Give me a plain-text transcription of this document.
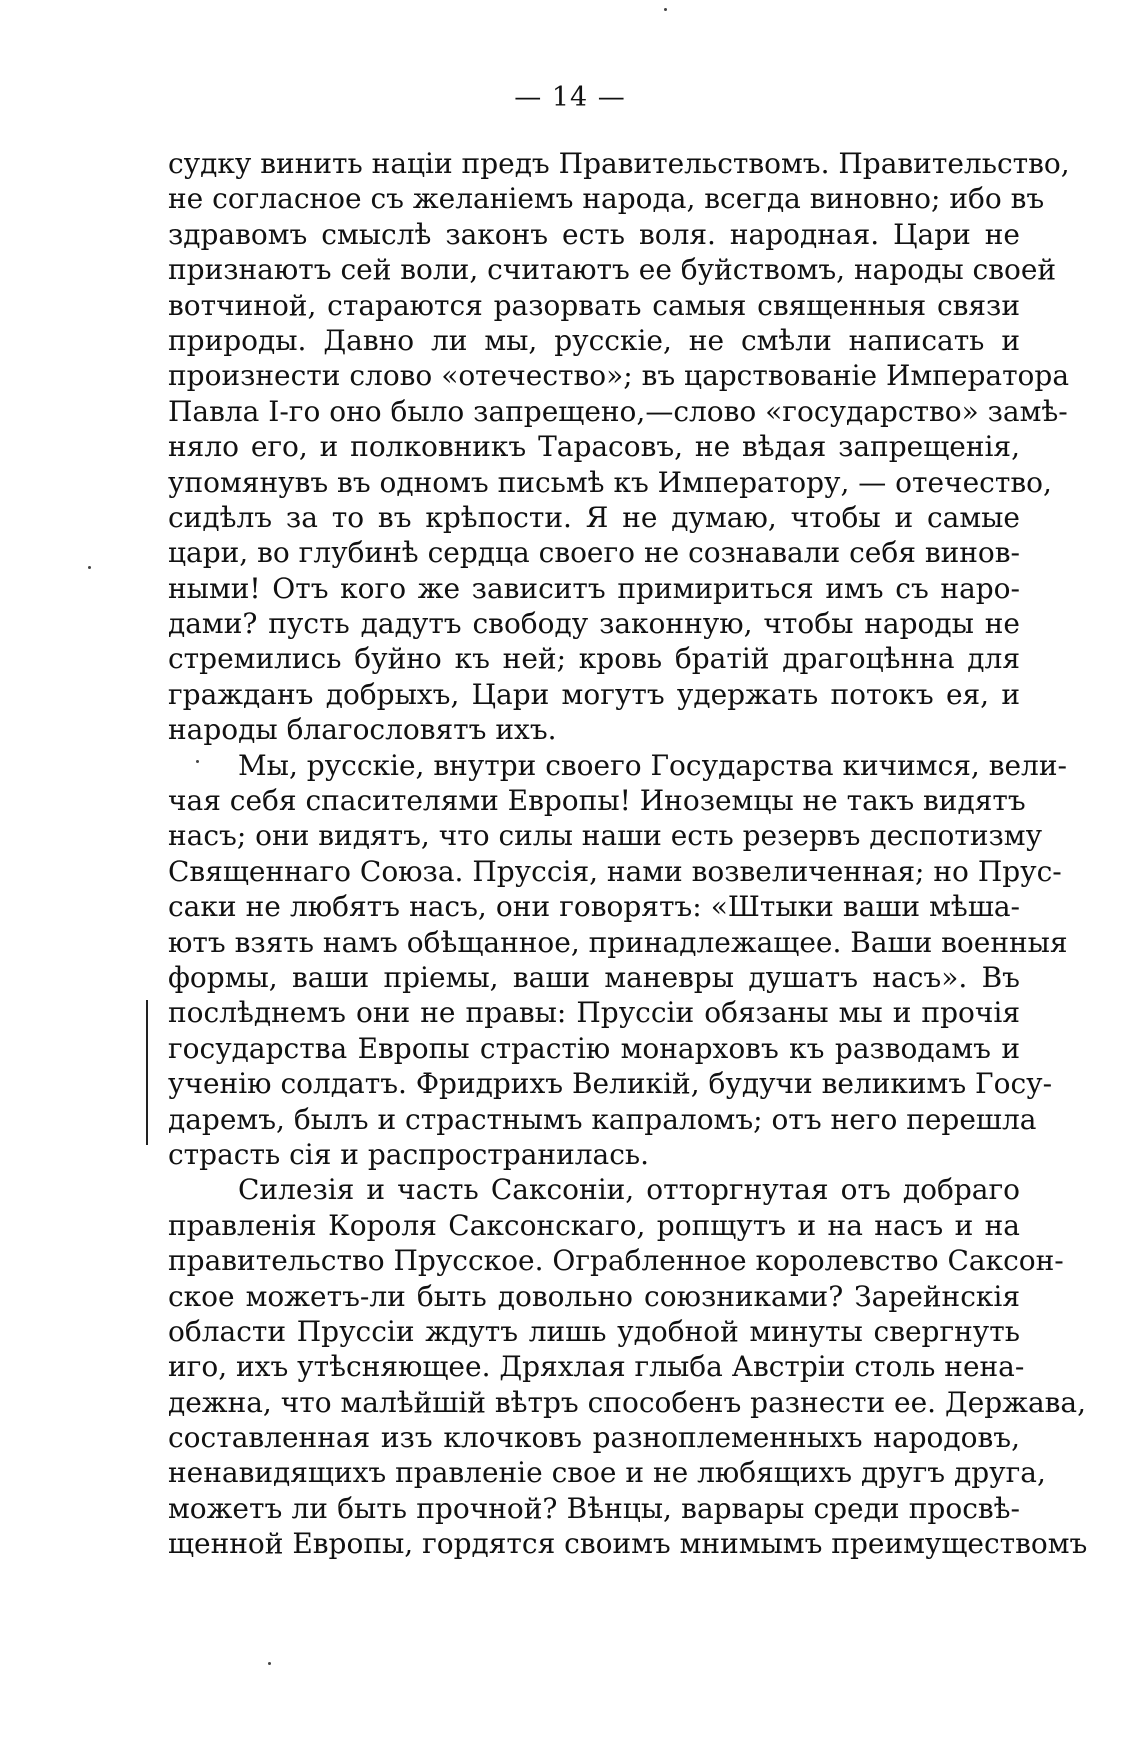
— 14 —
судку винить націи предъ Правительствомъ. Правительство,
не согласное съ желаніемъ народа, всегда виновно; ибо въ
здравомъ смыслѣ законъ есть воля. народная. Цари не
признаютъ сей воли, считаютъ ее буйствомъ, народы своей
вотчиной, стараются разорвать самыя священныя связи
природы. Давно ли мы, русскіе, не смѣли написать и
произнести слово «отечество»; въ царствованіе Императора
Павла I-го оно было запрещено,—слово «государство» замѣ-
няло его, и полковникъ Тарасовъ, не вѣдая запрещенія,
упомянувъ въ одномъ письмѣ къ Императору, — отечество,
сидѣлъ за то въ крѣпости. Я не думаю, чтобы и самые
цари, во глубинѣ сердца своего не сознавали себя винов-
ными! Отъ кого же зависитъ примириться имъ съ наро-
дами? пусть дадутъ свободу законную, чтобы народы не
стремились буйно къ ней; кровь братій драгоцѣнна для
гражданъ добрыхъ, Цари могутъ удержать потокъ ея, и
народы благословятъ ихъ.
Мы, русскіе, внутри своего Государства кичимся, вели-
чая себя спасителями Европы! Иноземцы не такъ видятъ
насъ; они видятъ, что силы наши есть резервъ деспотизму
Священнаго Союза. Пруссія, нами возвеличенная; но Прус-
саки не любятъ насъ, они говорятъ: «Штыки ваши мѣша-
ютъ взять намъ обѣщанное, принадлежащее. Ваши военныя
формы, ваши пріемы, ваши маневры душатъ насъ». Въ
послѣднемъ они не правы: Пруссіи обязаны мы и прочія
государства Европы страстію монарховъ къ разводамъ и
ученію солдатъ. Фридрихъ Великій, будучи великимъ Госу-
даремъ, былъ и страстнымъ капраломъ; отъ него перешла
страсть сія и распространилась.
Силезія и часть Саксоніи, отторгнутая отъ добраго
правленія Короля Саксонскаго, ропщутъ и на насъ и на
правительство Прусское. Ограбленное королевство Саксон-
ское можетъ-ли быть довольно союзниками? Зарейнскія
области Пруссіи ждутъ лишь удобной минуты свергнуть
иго, ихъ утѣсняющее. Дряхлая глыба Австріи столь нена-
дежна, что малѣйшій вѣтръ способенъ разнести ее. Держава,
составленная изъ клочковъ разноплеменныхъ народовъ,
ненавидящихъ правленіе свое и не любящихъ другъ друга,
можетъ ли быть прочной? Вѣнцы, варвары среди просвѣ-
щенной Европы, гордятся своимъ мнимымъ преимуществомъ
